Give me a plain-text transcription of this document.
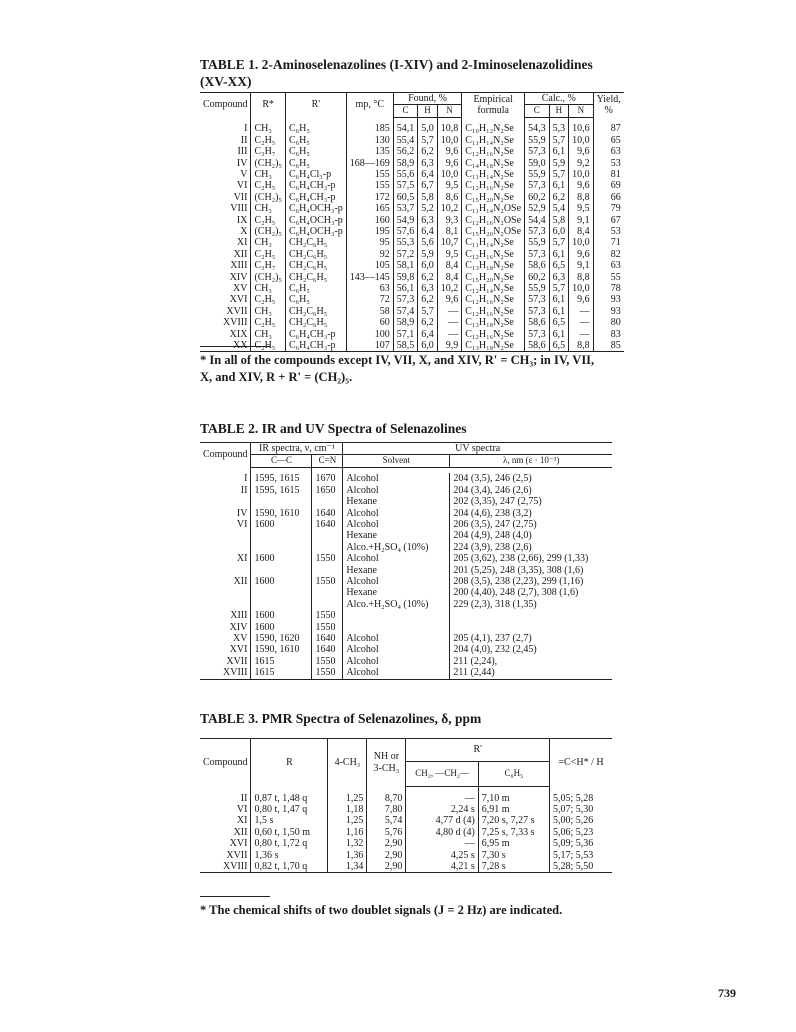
TABLE 1. 2-Aminoselenazolines (I-XIV) and 2-Iminoselenazolidines (XV-XX)

Compound	R*	R'	mp, °C	Found, %			Empirical formula	Calc., %			Yield, %
				C	H	N		C	H	N	

I	CH₃	C₆H₅	185	54,1	5,0	10,8	C₁₀H₁₂N₂Se	54,3	5,3	10,6	87
II	C₂H₅	C₆H₅	130	55,4	5,7	10,0	C₁₁H₁₄N₂Se	55,9	5,7	10,0	65
III	C₃H₇	C₆H₅	135	56,2	6,2	9,6	C₁₂H₁₆N₂Se	57,3	6,1	9,6	63
IV	(CH₂)₅	C₆H₅	168—169	58,9	6,3	9,6	C₁₄H₁₈N₂Se	59,0	5,9	9,2	53
V	CH₃	C₆H₄Cl₃-p	155	55,6	6,4	10,0	C₁₁H₁₄N₂Se	55,9	5,7	10,0	81
VI	C₂H₅	C₆H₄CH₃-p	155	57,5	6,7	9,5	C₁₂H₁₆N₂Se	57,3	6,1	9,6	69
VII	(CH₂)₅	C₆H₄CH₃-p	172	60,5	5,8	8,6	C₁₅H₂₀N₂Se	60,2	6,2	8,8	66
VIII	CH₃	C₆H₄OCH₃-p	165	53,7	5,2	10,2	C₁₁H₁₄N₂OSe	52,9	5,4	9,5	79
IX	C₂H₅	C₆H₄OCH₃-p	160	54,9	6,3	9,3	C₁₂H₁₆N₂OSe	54,4	5,8	9,1	67
X	(CH₂)₅	C₆H₄OCH₃-p	195	57,6	6,4	8,1	C₁₅H₂₀N₂OSe	57,3	6,0	8,4	53
XI	CH₃	CH₂C₆H₅	95	55,3	5,6	10,7	C₁₁H₁₄N₂Se	55,9	5,7	10,0	71
XII	C₂H₅	CH₂C₆H₅	92	57,2	5,9	9,5	C₁₂H₁₆N₂Se	57,3	6,1	9,6	82
XIII	C₃H₇	CH₂C₆H₅	105	58,1	6,0	8,4	C₁₃H₁₈N₂Se	58,6	6,5	9,1	63
XIV	(CH₂)₅	CH₂C₆H₅	143—145	59,8	6,2	8,4	C₁₅H₂₀N₂Se	60,2	6,3	8,8	55
XV	CH₃	C₆H₅	63	56,1	6,3	10,2	C₁₂H₁₄N₂Se	55,9	5,7	10,0	78
XVI	C₂H₅	C₆H₅	72	57,3	6,2	9,6	C₁₂H₁₆N₂Se	57,3	6,1	9,6	93
XVII	CH₃	CH₂C₆H₅	58	57,4	5,7	—	C₁₂H₁₆N₂Se	57,3	6,1	—	93
XVIII	C₂H₅	CH₂C₆H₅	60	58,9	6,2	—	C₁₃H₁₈N₂Se	58,6	6,5	—	80
XIX	CH₃	C₆H₄CH₃-p	100	57,1	6,4	—	C₁₂H₁₆N₂Se	57,3	6,1	—	83
XX	C₂H₅	C₆H₄CH₃-p	107	58,5	6,0	9,9	C₁₃H₁₈N₂Se	58,6	6,5	8,8	85

* In all of the compounds except IV, VII, X, and XIV, R' = CH₃; in IV, VII, X, and XIV, R + R' = (CH₂)₅.

TABLE 2. IR and UV Spectra of Selenazolines

Compound	IR spectra, ν, cm⁻¹		UV spectra	
	C—C	C=N	Solvent	λ, nm (ε · 10⁻³)

I	1595, 1615	1670	Alcohol	204 (3,5), 246 (2,5)
II	1595, 1615	1650	Alcohol	204 (3,4), 246 (2,6)
			Hexane	202 (3,35), 247 (2,75)
IV	1590, 1610	1640	Alcohol	204 (4,6), 238 (3,2)
VI	1600	1640	Alcohol	206 (3,5), 247 (2,75)
			Hexane	204 (4,9), 248 (4,0)
			Alco.+H₂SO₄ (10%)	224 (3,9), 238 (2,6)
XI	1600	1550	Alcohol	205 (3,62), 238 (2,66), 299 (1,33)
			Hexane	201 (5,25), 248 (3,35), 308 (1,6)
XII	1600	1550	Alcohol	208 (3,5), 238 (2,23), 299 (1,16)
			Hexane	200 (4,40), 248 (2,7), 308 (1,6)
			Alco.+H₂SO₄ (10%)	229 (2,3), 318 (1,35)
XIII	1600	1550		
XIV	1600	1550		
XV	1590, 1620	1640	Alcohol	205 (4,1), 237 (2,7)
XVI	1590, 1610	1640	Alcohol	204 (4,0), 232 (2,45)
XVII	1615	1550	Alcohol	211 (2,24),
XVIII	1615	1550	Alcohol	211 (2,44)

TABLE 3. PMR Spectra of Selenazolines, δ, ppm

Compound	R	4-CH₃	NH or 3-CH₃	R'		=C<H* / H
				CH₂, —CH₂—	C₆H₅	

II	0,87 t, 1,48 q	1,25	8,70	—	7,10 m	5,05; 5,28
VI	0,80 t, 1,47 q	1,18	7,80	2,24 s	6,91 m	5,07; 5,30
XI	1,5 s	1,25	5,74	4,77 d (4)	7,20 s, 7,27 s	5,00; 5,26
XII	0,60 t, 1,50 m	1,16	5,76	4,80 d (4)	7,25 s, 7,33 s	5,06; 5,23
XVI	0,80 t, 1,72 q	1,32	2,90	—	6,95 m	5,09; 5,36
XVII	1,36 s	1,36	2,90	4,25 s	7,30 s	5,17; 5,53
XVIII	0,82 t, 1,70 q	1,34	2,90	4,21 s	7,28 s	5,28; 5,50

* The chemical shifts of two doublet signals (J = 2 Hz) are indicated.

739
